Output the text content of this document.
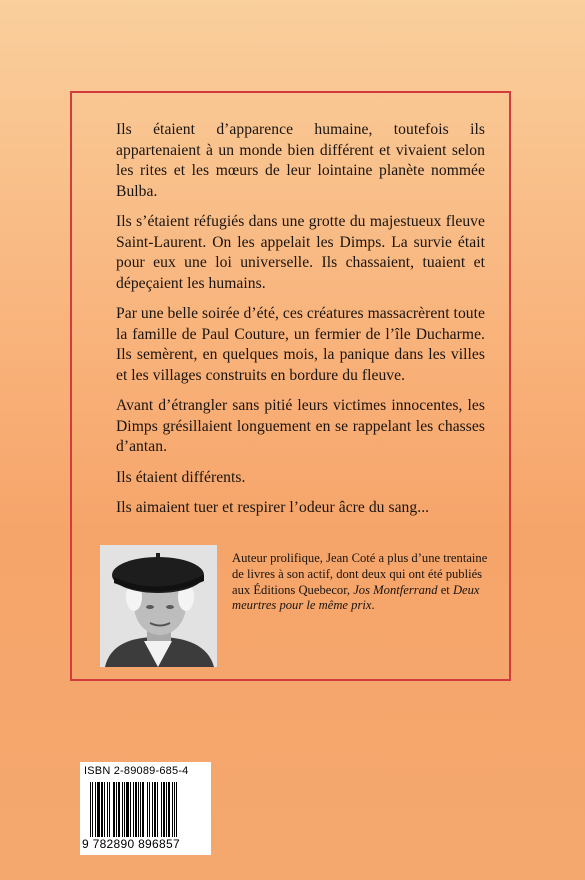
Ils étaient d’apparence humaine, toutefois ils appartenaient à un monde bien différent et vivaient selon les rites et les mœurs de leur lointaine planète nommée Bulba.

Ils s’étaient réfugiés dans une grotte du majestueux fleuve Saint-Laurent. On les appelait les Dimps. La survie était pour eux une loi universelle. Ils chassaient, tuaient et dépeçaient les humains.

Par une belle soirée d’été, ces créatures massacrèrent toute la famille de Paul Couture, un fermier de l’île Ducharme. Ils semèrent, en quelques mois, la panique dans les villes et les villages construits en bordure du fleuve.

Avant d’étrangler sans pitié leurs victimes innocentes, les Dimps grésillaient longuement en se rappelant les chasses d’antan.

Ils étaient différents.

Ils aimaient tuer et respirer l’odeur âcre du sang...

Auteur prolifique, Jean Coté a plus d’une trentaine de livres à son actif, dont deux qui ont été publiés aux Éditions Quebecor, Jos Montferrand et Deux meurtres pour le même prix.
ISBN 2-89089-685-4
9 782890 896857
